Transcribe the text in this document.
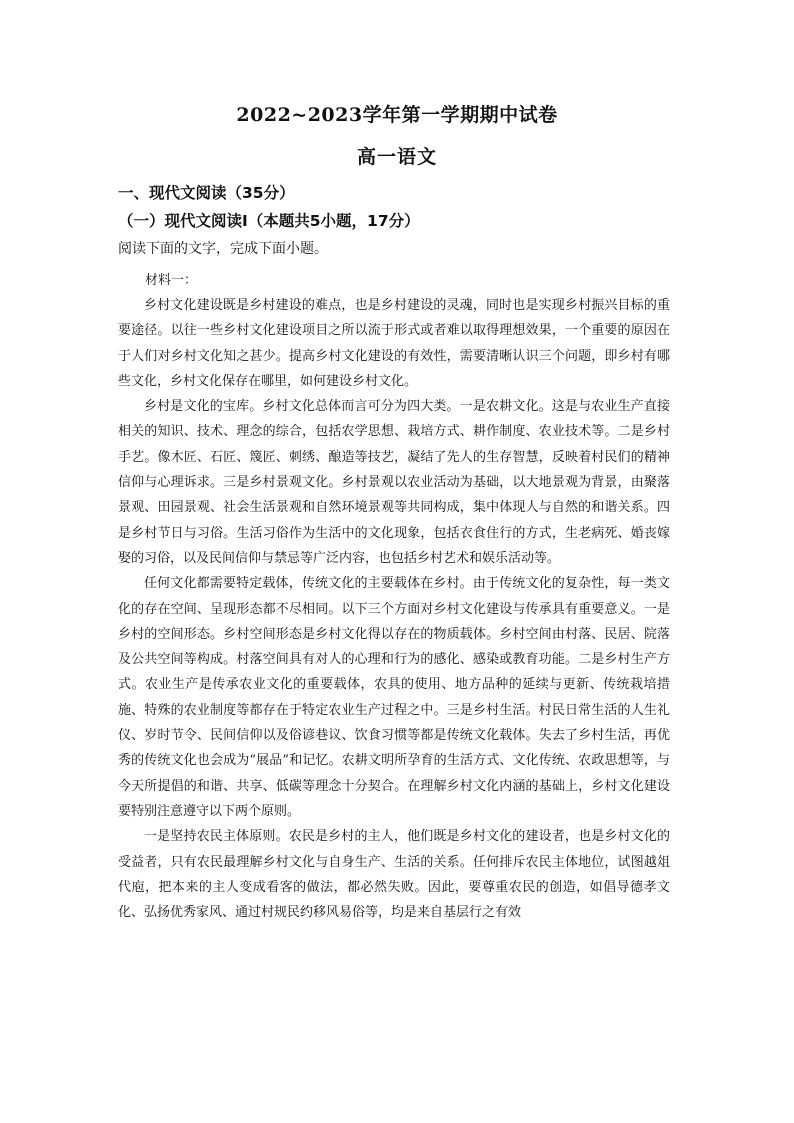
2022~2023学年第一学期期中试卷
高一语文
一、现代文阅读（35分）
（一）现代文阅读Ⅰ（本题共5小题，17分）
阅读下面的文字，完成下面小题。
材料一：

乡村文化建设既是乡村建设的难点，也是乡村建设的灵魂，同时也是实现乡村振兴目标的重要途径。以往一些乡村文化建设项目之所以流于形式或者难以取得理想效果，一个重要的原因在于人们对乡村文化知之甚少。提高乡村文化建设的有效性，需要清晰认识三个问题，即乡村有哪些文化，乡村文化保存在哪里，如何建设乡村文化。

乡村是文化的宝库。乡村文化总体而言可分为四大类。一是农耕文化。这是与农业生产直接相关的知识、技术、理念的综合，包括农学思想、栽培方式、耕作制度、农业技术等。二是乡村手艺。像木匠、石匠、篾匠、刺绣、酿造等技艺，凝结了先人的生存智慧，反映着村民们的精神信仰与心理诉求。三是乡村景观文化。乡村景观以农业活动为基础，以大地景观为背景，由聚落景观、田园景观、社会生活景观和自然环境景观等共同构成，集中体现人与自然的和谐关系。四是乡村节日与习俗。生活习俗作为生活中的文化现象，包括衣食住行的方式，生老病死、婚丧嫁娶的习俗，以及民间信仰与禁忌等广泛内容，也包括乡村艺术和娱乐活动等。

任何文化都需要特定载体，传统文化的主要载体在乡村。由于传统文化的复杂性，每一类文化的存在空间、呈现形态都不尽相同。以下三个方面对乡村文化建设与传承具有重要意义。一是乡村的空间形态。乡村空间形态是乡村文化得以存在的物质载体。乡村空间由村落、民居、院落及公共空间等构成。村落空间具有对人的心理和行为的感化、感染或教育功能。二是乡村生产方式。农业生产是传承农业文化的重要载体，农具的使用、地方品种的延续与更新、传统栽培措施、特殊的农业制度等都存在于特定农业生产过程之中。三是乡村生活。村民日常生活的人生礼仪、岁时节令、民间信仰以及俗谚巷议、饮食习惯等都是传统文化载体。失去了乡村生活，再优秀的传统文化也会成为“展品”和记忆。农耕文明所孕育的生活方式、文化传统、农政思想等，与今天所提倡的和谐、共享、低碳等理念十分契合。在理解乡村文化内涵的基础上，乡村文化建设要特别注意遵守以下两个原则。

一是坚持农民主体原则。农民是乡村的主人，他们既是乡村文化的建设者，也是乡村文化的受益者，只有农民最理解乡村文化与自身生产、生活的关系。任何排斥农民主体地位，试图越俎代庖，把本来的主人变成看客的做法，都必然失败。因此，要尊重农民的创造，如倡导德孝文化、弘扬优秀家风、通过村规民约移风易俗等，均是来自基层行之有效
